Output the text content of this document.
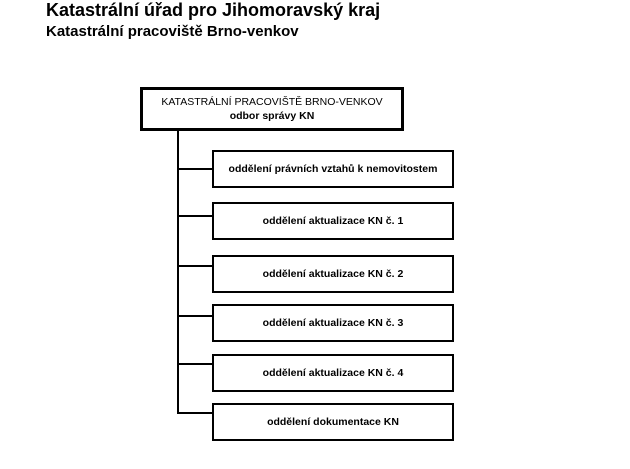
Katastrální úřad pro Jihomoravský kraj
Katastrální pracoviště Brno-venkov
KATASTRÁLNÍ PRACOVIŠTĚ BRNO-VENKOV
odbor správy KN
oddělení právních vztahů k nemovitostem
oddělení aktualizace KN č. 1
oddělení aktualizace KN č. 2
oddělení aktualizace KN č. 3
oddělení aktualizace KN č. 4
oddělení dokumentace KN
